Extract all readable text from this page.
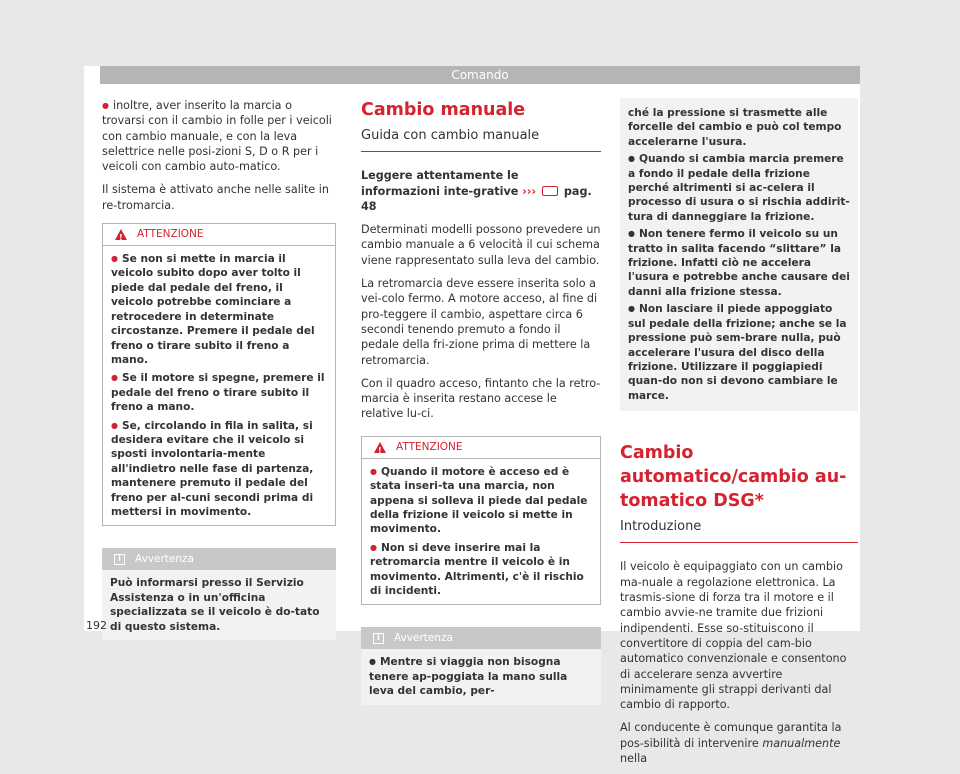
Comando

● inoltre, aver inserito la marcia o trovarsi con il cambio in folle per i veicoli con cambio manuale, e con la leva selettrice nelle posi-zioni S, D o R per i veicoli con cambio auto-matico.

Il sistema è attivato anche nelle salite in re-tromarcia.

!
ATTENZIONE
● Se non si mette in marcia il veicolo subito dopo aver tolto il piede dal pedale del freno, il veicolo potrebbe cominciare a retrocedere in determinate circostanze. Premere il pedale del freno o tirare subito il freno a mano.
● Se il motore si spegne, premere il pedale del freno o tirare subito il freno a mano.
● Se, circolando in fila in salita, si desidera evitare che il veicolo si sposti involontaria-mente all'indietro nelle fase di partenza, mantenere premuto il pedale del freno per al-cuni secondi prima di mettersi in movimento.
i	Avvertenza
Può informarsi presso il Servizio Assistenza o in un'officina specializzata se il veicolo è do-tato di questo sistema.
Cambio manuale
Guida con cambio manuale

Leggere attentamente le informazioni inte-grative ››› pag. 48

Determinati modelli possono prevedere un cambio manuale a 6 velocità il cui schema viene rappresentato sulla leva del cambio.

La retromarcia deve essere inserita solo a vei-colo fermo. A motore acceso, al fine di pro-teggere il cambio, aspettare circa 6 secondi tenendo premuto a fondo il pedale della fri-zione prima di mettere la retromarcia.

Con il quadro acceso, fintanto che la retro-marcia è inserita restano accese le relative lu-ci.

!
ATTENZIONE
● Quando il motore è acceso ed è stata inseri-ta una marcia, non appena si solleva il piede dal pedale della frizione il veicolo si mette in movimento.
● Non si deve inserire mai la retromarcia mentre il veicolo è in movimento. Altrimenti, c'è il rischio di incidenti.
i	Avvertenza
● Mentre si viaggia non bisogna tenere ap-poggiata la mano sulla leva del cambio, per-
ché la pressione si trasmette alle forcelle del cambio e può col tempo accelerarne l'usura.
● Quando si cambia marcia premere a fondo il pedale della frizione perché altrimenti si ac-celera il processo di usura o si rischia addirit-tura di danneggiare la frizione.
● Non tenere fermo il veicolo su un tratto in salita facendo “slittare” la frizione. Infatti ciò ne accelera l'usura e potrebbe anche causare dei danni alla frizione stessa.
● Non lasciare il piede appoggiato sul pedale della frizione; anche se la pressione può sem-brare nulla, può accelerare l'usura del disco della frizione. Utilizzare il poggiapiedi quan-do non si devono cambiare le marce.
Cambio automatico/cambio au-tomatico DSG*
Introduzione

Il veicolo è equipaggiato con un cambio ma-nuale a regolazione elettronica. La trasmis-sione di forza tra il motore e il cambio avvie-ne tramite due frizioni indipendenti. Esse so-stituiscono il convertitore di coppia del cam-bio automatico convenzionale e consentono di accelerare senza avvertire minimamente gli strappi derivanti dal cambio di rapporto.

Al conducente è comunque garantita la pos-sibilità di intervenire manualmente nella

192
